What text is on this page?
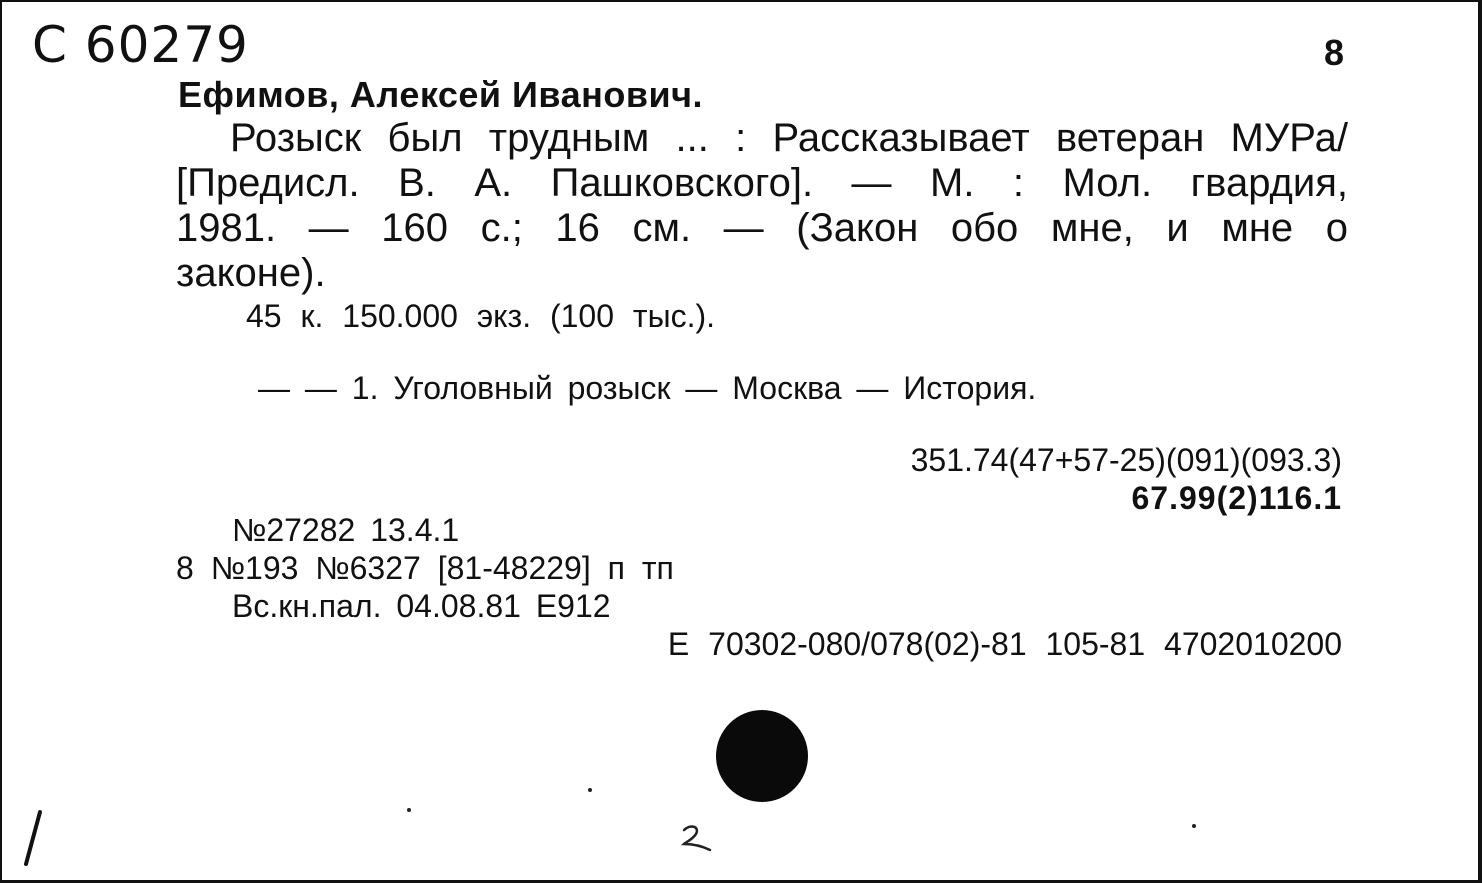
С 60279	8
Ефимов, Алексей Иванович.
Розыск был трудным ... : Рассказывает ветеран МУРа/
[Предисл. В. А. Пашковского]. — М. : Мол. гвардия,
1981. — 160 с.; 16 см. — (Закон обо мне, и мне о
законе).
45 к. 150.000 экз. (100 тыс.).
— — 1. Уголовный розыск — Москва — История.
351.74(47+57-25)(091)(093.3)
67.99(2)116.1
№27282 13.4.1
8 №193 №6327 [81-48229] п тп
Вс.кн.пал. 04.08.81 Е912
Е 70302-080/078(02)-81 105-81 4702010200
